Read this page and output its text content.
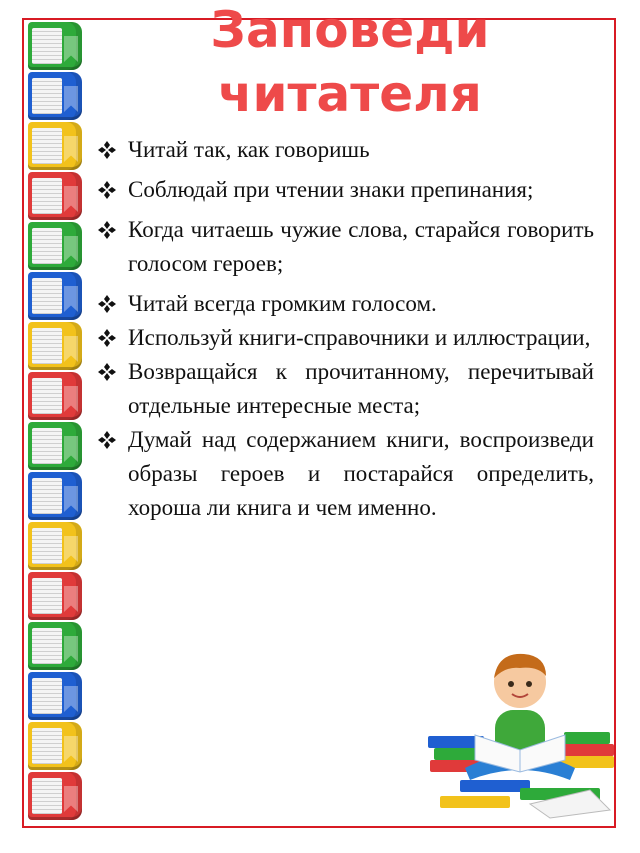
Заповеди читателя
Читай так, как говоришь
Соблюдай при чтении знаки препинания;
Когда читаешь чужие слова, старайся говорить голосом героев;
Читай всегда громким голосом.
Используй книги-справочники и иллюстрации,
Возвращайся к прочитанному, перечитывай отдельные интересные места;
Думай над содержанием книги, воспроизведи образы героев и постарайся определить, хороша ли книга и чем именно.
